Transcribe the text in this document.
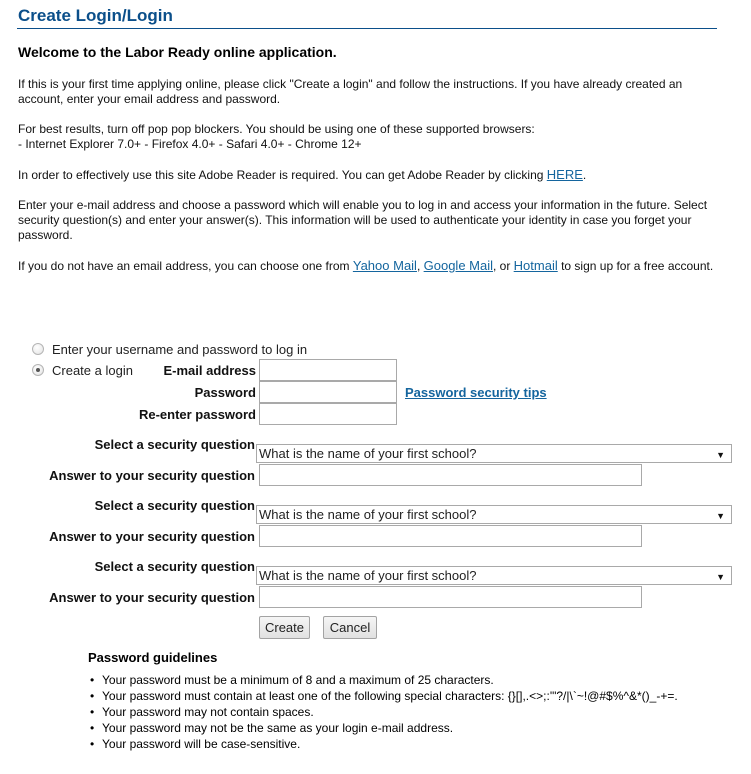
Create Login/Login
Welcome to the Labor Ready online application.
If this is your first time applying online, please click "Create a login" and follow the instructions. If you have already created an account, enter your email address and password.
For best results, turn off pop pop blockers. You should be using one of these supported browsers:
- Internet Explorer 7.0+ - Firefox 4.0+ - Safari 4.0+ - Chrome 12+
In order to effectively use this site Adobe Reader is required. You can get Adobe Reader by clicking HERE.
Enter your e-mail address and choose a password which will enable you to log in and access your information in the future. Select security question(s) and enter your answer(s). This information will be used to authenticate your identity in case you forget your password.
If you do not have an email address, you can choose one from Yahoo Mail, Google Mail, or Hotmail to sign up for a free account.
Enter your username and password to log in
Create a login	E-mail address
Password	Password security tips
Re-enter password
Select a security question
What is the name of your first school?	▼
Answer to your security question
Select a security question
What is the name of your first school?	▼
Answer to your security question
Select a security question
What is the name of your first school?	▼
Answer to your security question
Create	Cancel
Password guidelines
• Your password must be a minimum of 8 and a maximum of 25 characters.
• Your password must contain at least one of the following special characters: {}[],.<>;:'"?/|\`~!@#$%^&*()_-+=.
• Your password may not contain spaces.
• Your password may not be the same as your login e-mail address.
• Your password will be case-sensitive.
